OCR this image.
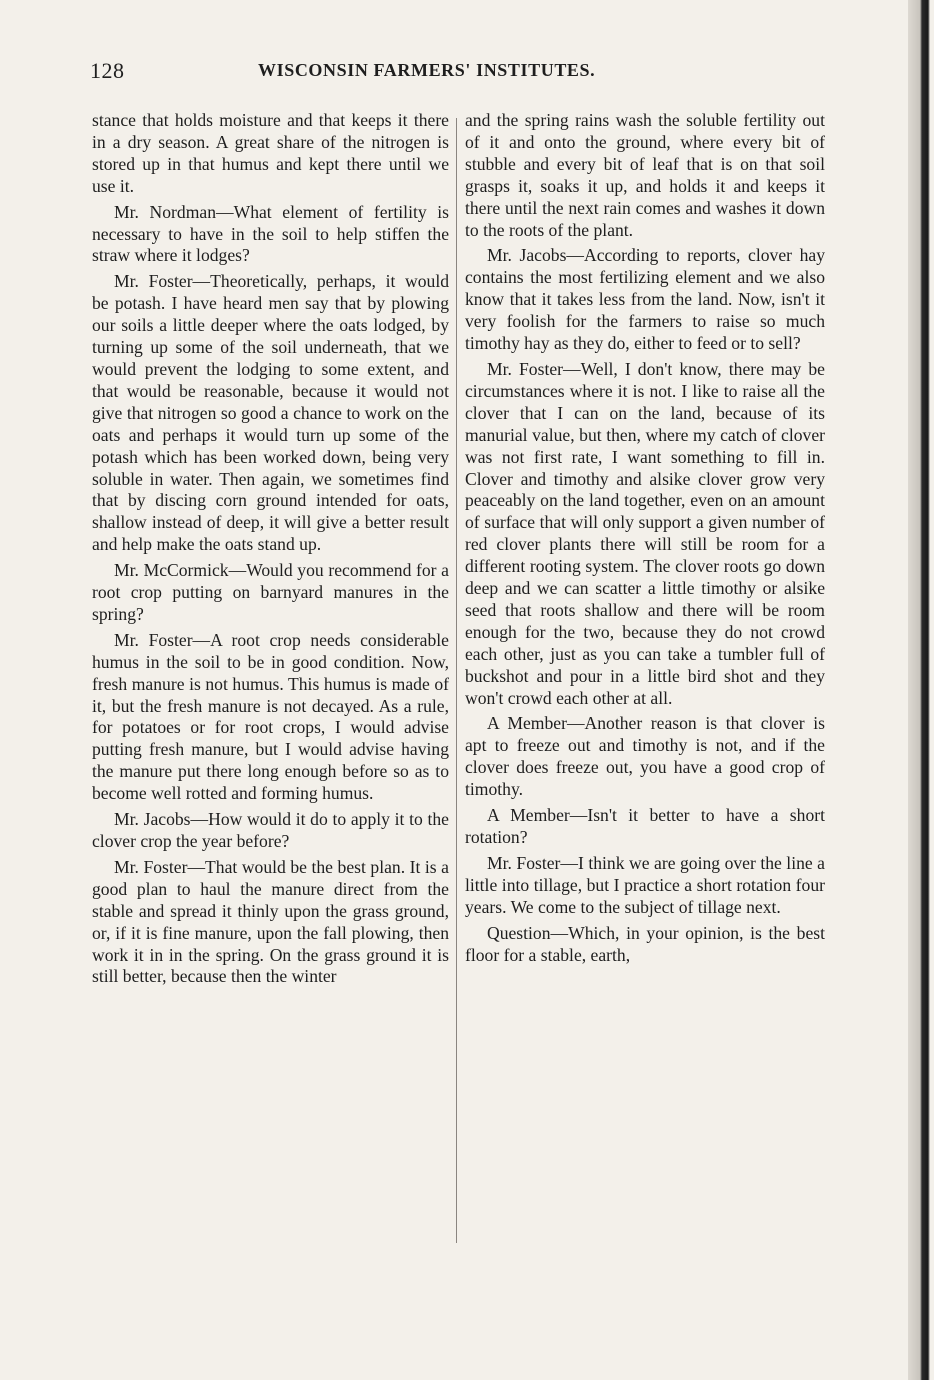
128	WISCONSIN FARMERS' INSTITUTES.

stance that holds moisture and that keeps it there in a dry season. A great share of the nitrogen is stored up in that humus and kept there until we use it.

Mr. Nordman—What element of fertility is necessary to have in the soil to help stiffen the straw where it lodges?

Mr. Foster—Theoretically, perhaps, it would be potash. I have heard men say that by plowing our soils a little deeper where the oats lodged, by turning up some of the soil underneath, that we would prevent the lodging to some extent, and that would be reasonable, because it would not give that nitrogen so good a chance to work on the oats and perhaps it would turn up some of the potash which has been worked down, being very soluble in water. Then again, we sometimes find that by discing corn ground intended for oats, shallow instead of deep, it will give a better result and help make the oats stand up.

Mr. McCormick—Would you recommend for a root crop putting on barnyard manures in the spring?

Mr. Foster—A root crop needs considerable humus in the soil to be in good condition. Now, fresh manure is not humus. This humus is made of it, but the fresh manure is not decayed. As a rule, for potatoes or for root crops, I would advise putting fresh manure, but I would advise having the manure put there long enough before so as to become well rotted and forming humus.

Mr. Jacobs—How would it do to apply it to the clover crop the year before?

Mr. Foster—That would be the best plan. It is a good plan to haul the manure direct from the stable and spread it thinly upon the grass ground, or, if it is fine manure, upon the fall plowing, then work it in in the spring. On the grass ground it is still better, because then the winter

and the spring rains wash the soluble fertility out of it and onto the ground, where every bit of stubble and every bit of leaf that is on that soil grasps it, soaks it up, and holds it and keeps it there until the next rain comes and washes it down to the roots of the plant.

Mr. Jacobs—According to reports, clover hay contains the most fertilizing element and we also know that it takes less from the land. Now, isn't it very foolish for the farmers to raise so much timothy hay as they do, either to feed or to sell?

Mr. Foster—Well, I don't know, there may be circumstances where it is not. I like to raise all the clover that I can on the land, because of its manurial value, but then, where my catch of clover was not first rate, I want something to fill in. Clover and timothy and alsike clover grow very peaceably on the land together, even on an amount of surface that will only support a given number of red clover plants there will still be room for a different rooting system. The clover roots go down deep and we can scatter a little timothy or alsike seed that roots shallow and there will be room enough for the two, because they do not crowd each other, just as you can take a tumbler full of buckshot and pour in a little bird shot and they won't crowd each other at all.

A Member—Another reason is that clover is apt to freeze out and timothy is not, and if the clover does freeze out, you have a good crop of timothy.

A Member—Isn't it better to have a short rotation?

Mr. Foster—I think we are going over the line a little into tillage, but I practice a short rotation four years. We come to the subject of tillage next.

Question—Which, in your opinion, is the best floor for a stable, earth,
